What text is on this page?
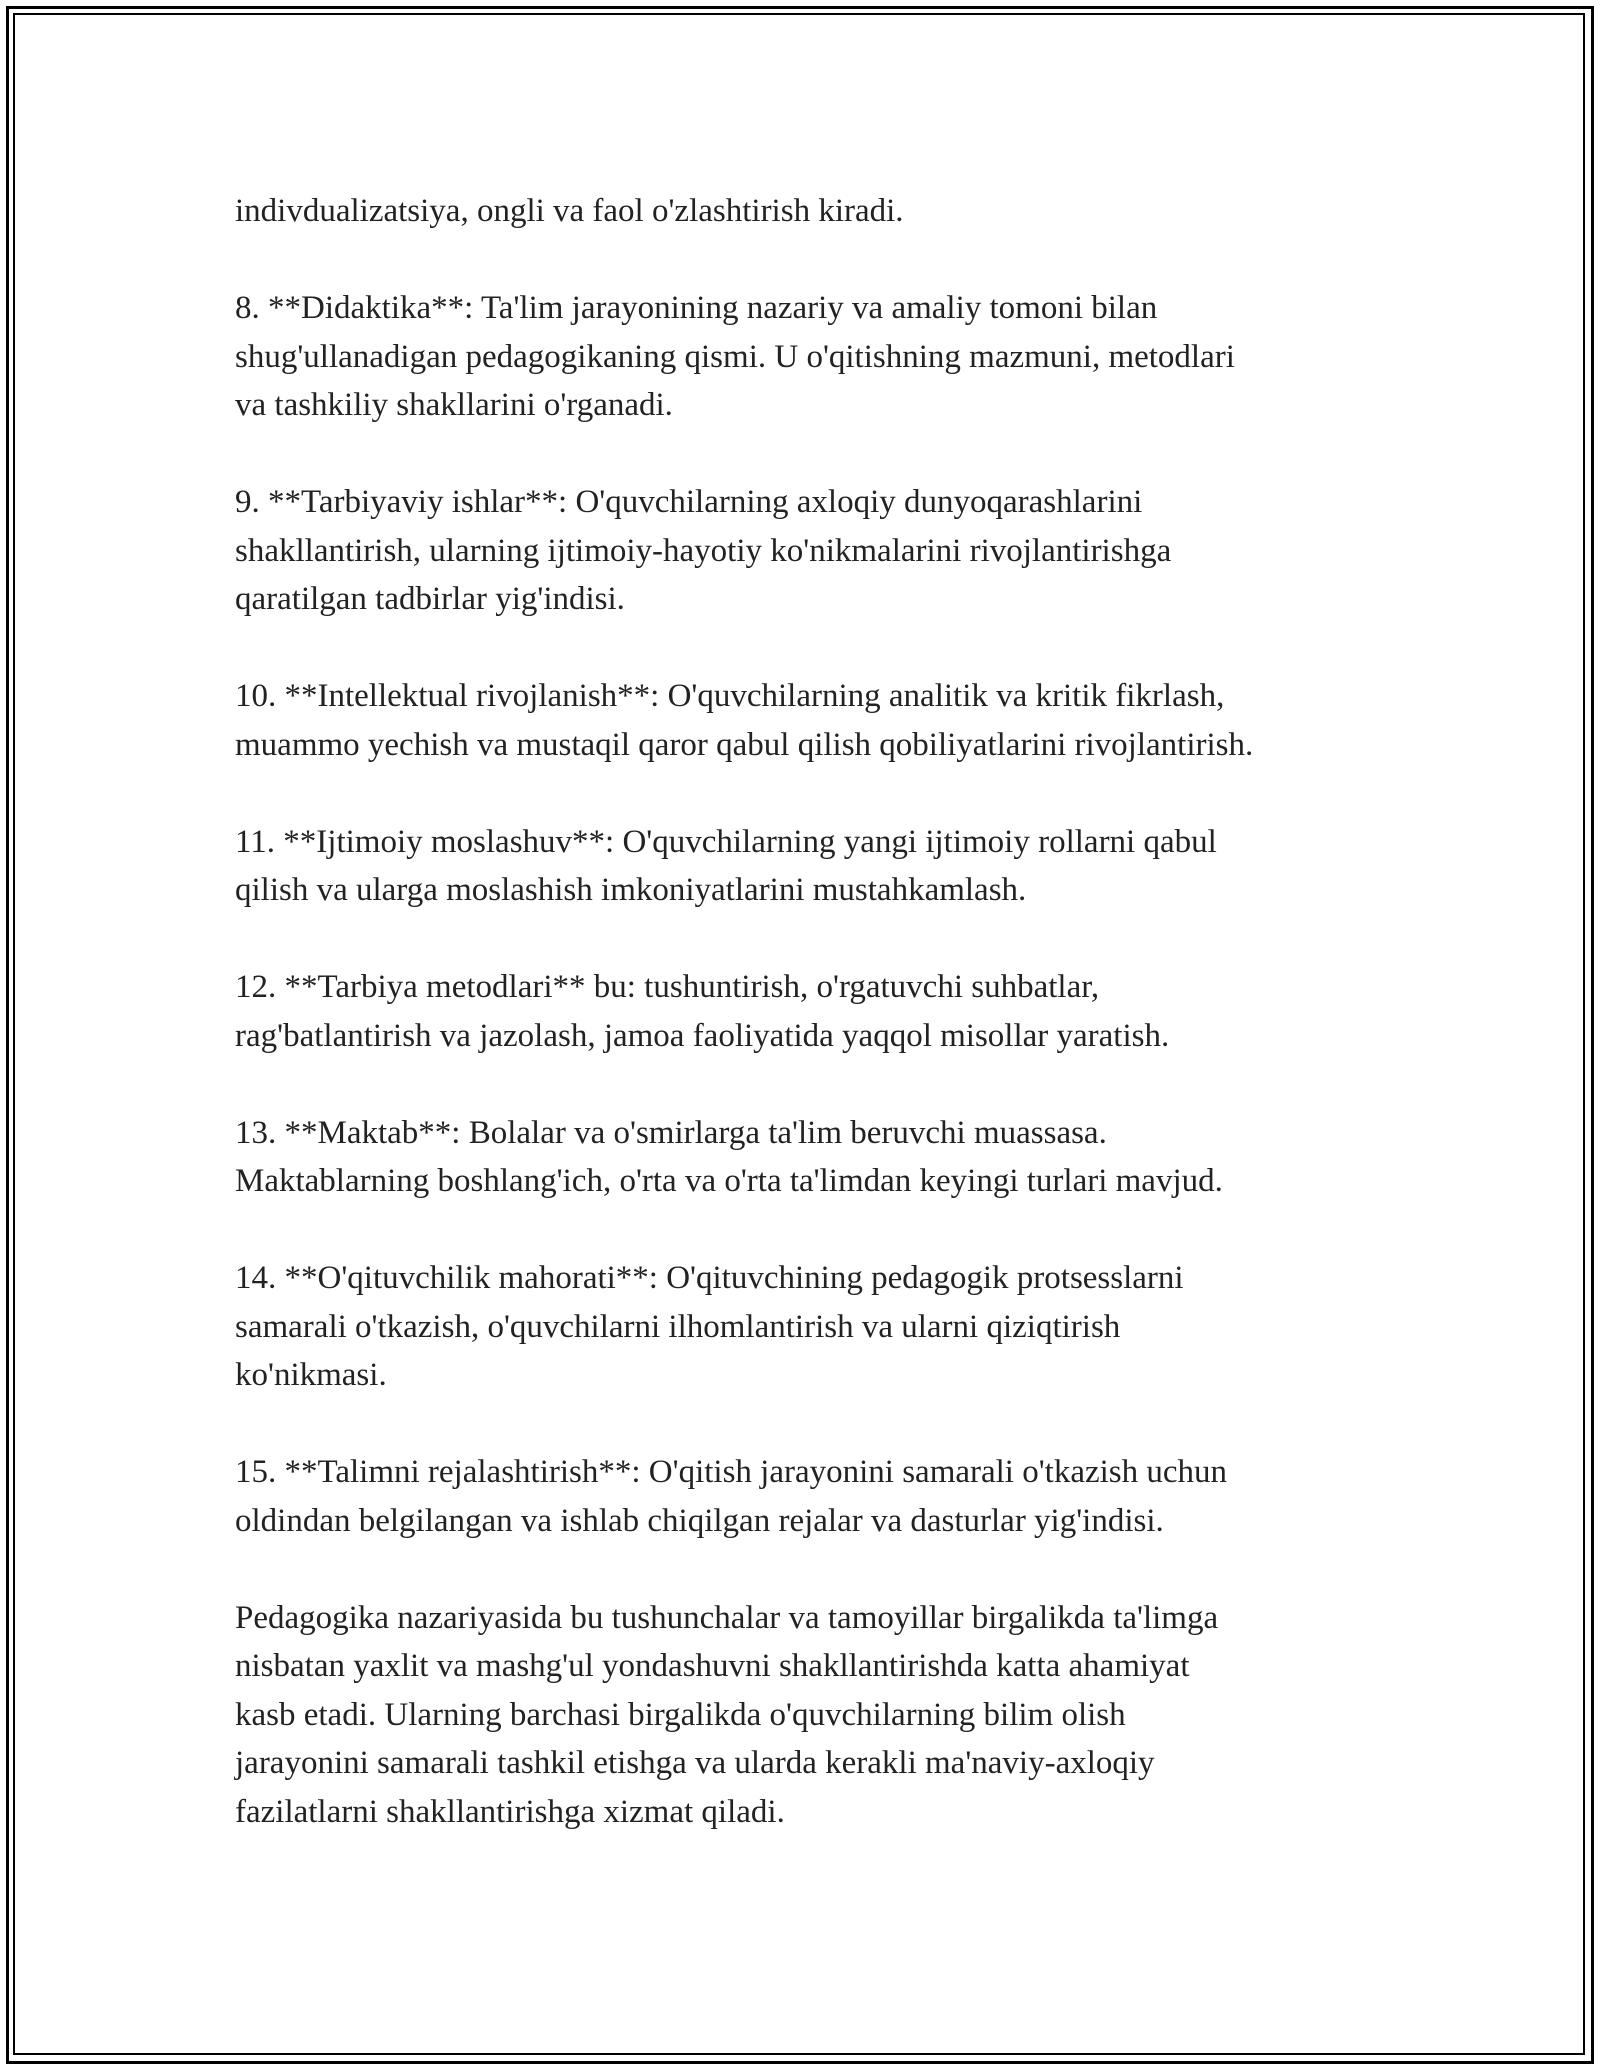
indivdualizatsiya, ongli va faol o'zlashtirish kiradi.

8. **Didaktika**: Ta'lim jarayonining nazariy va amaliy tomoni bilan
shug'ullanadigan pedagogikaning qismi. U o'qitishning mazmuni, metodlari
va tashkiliy shakllarini o'rganadi.

9. **Tarbiyaviy ishlar**: O'quvchilarning axloqiy dunyoqarashlarini
shakllantirish, ularning ijtimoiy-hayotiy ko'nikmalarini rivojlantirishga
qaratilgan tadbirlar yig'indisi.

10. **Intellektual rivojlanish**: O'quvchilarning analitik va kritik fikrlash,
muammo yechish va mustaqil qaror qabul qilish qobiliyatlarini rivojlantirish.

11. **Ijtimoiy moslashuv**: O'quvchilarning yangi ijtimoiy rollarni qabul
qilish va ularga moslashish imkoniyatlarini mustahkamlash.

12. **Tarbiya metodlari** bu: tushuntirish, o'rgatuvchi suhbatlar,
rag'batlantirish va jazolash, jamoa faoliyatida yaqqol misollar yaratish.

13. **Maktab**: Bolalar va o'smirlarga ta'lim beruvchi muassasa.
Maktablarning boshlang'ich, o'rta va o'rta ta'limdan keyingi turlari mavjud.

14. **O'qituvchilik mahorati**: O'qituvchining pedagogik protsesslarni
samarali o'tkazish, o'quvchilarni ilhomlantirish va ularni qiziqtirish
ko'nikmasi.

15. **Talimni rejalashtirish**: O'qitish jarayonini samarali o'tkazish uchun
oldindan belgilangan va ishlab chiqilgan rejalar va dasturlar yig'indisi.

Pedagogika nazariyasida bu tushunchalar va tamoyillar birgalikda ta'limga
nisbatan yaxlit va mashg'ul yondashuvni shakllantirishda katta ahamiyat
kasb etadi. Ularning barchasi birgalikda o'quvchilarning bilim olish
jarayonini samarali tashkil etishga va ularda kerakli ma'naviy-axloqiy
fazilatlarni shakllantirishga xizmat qiladi.
